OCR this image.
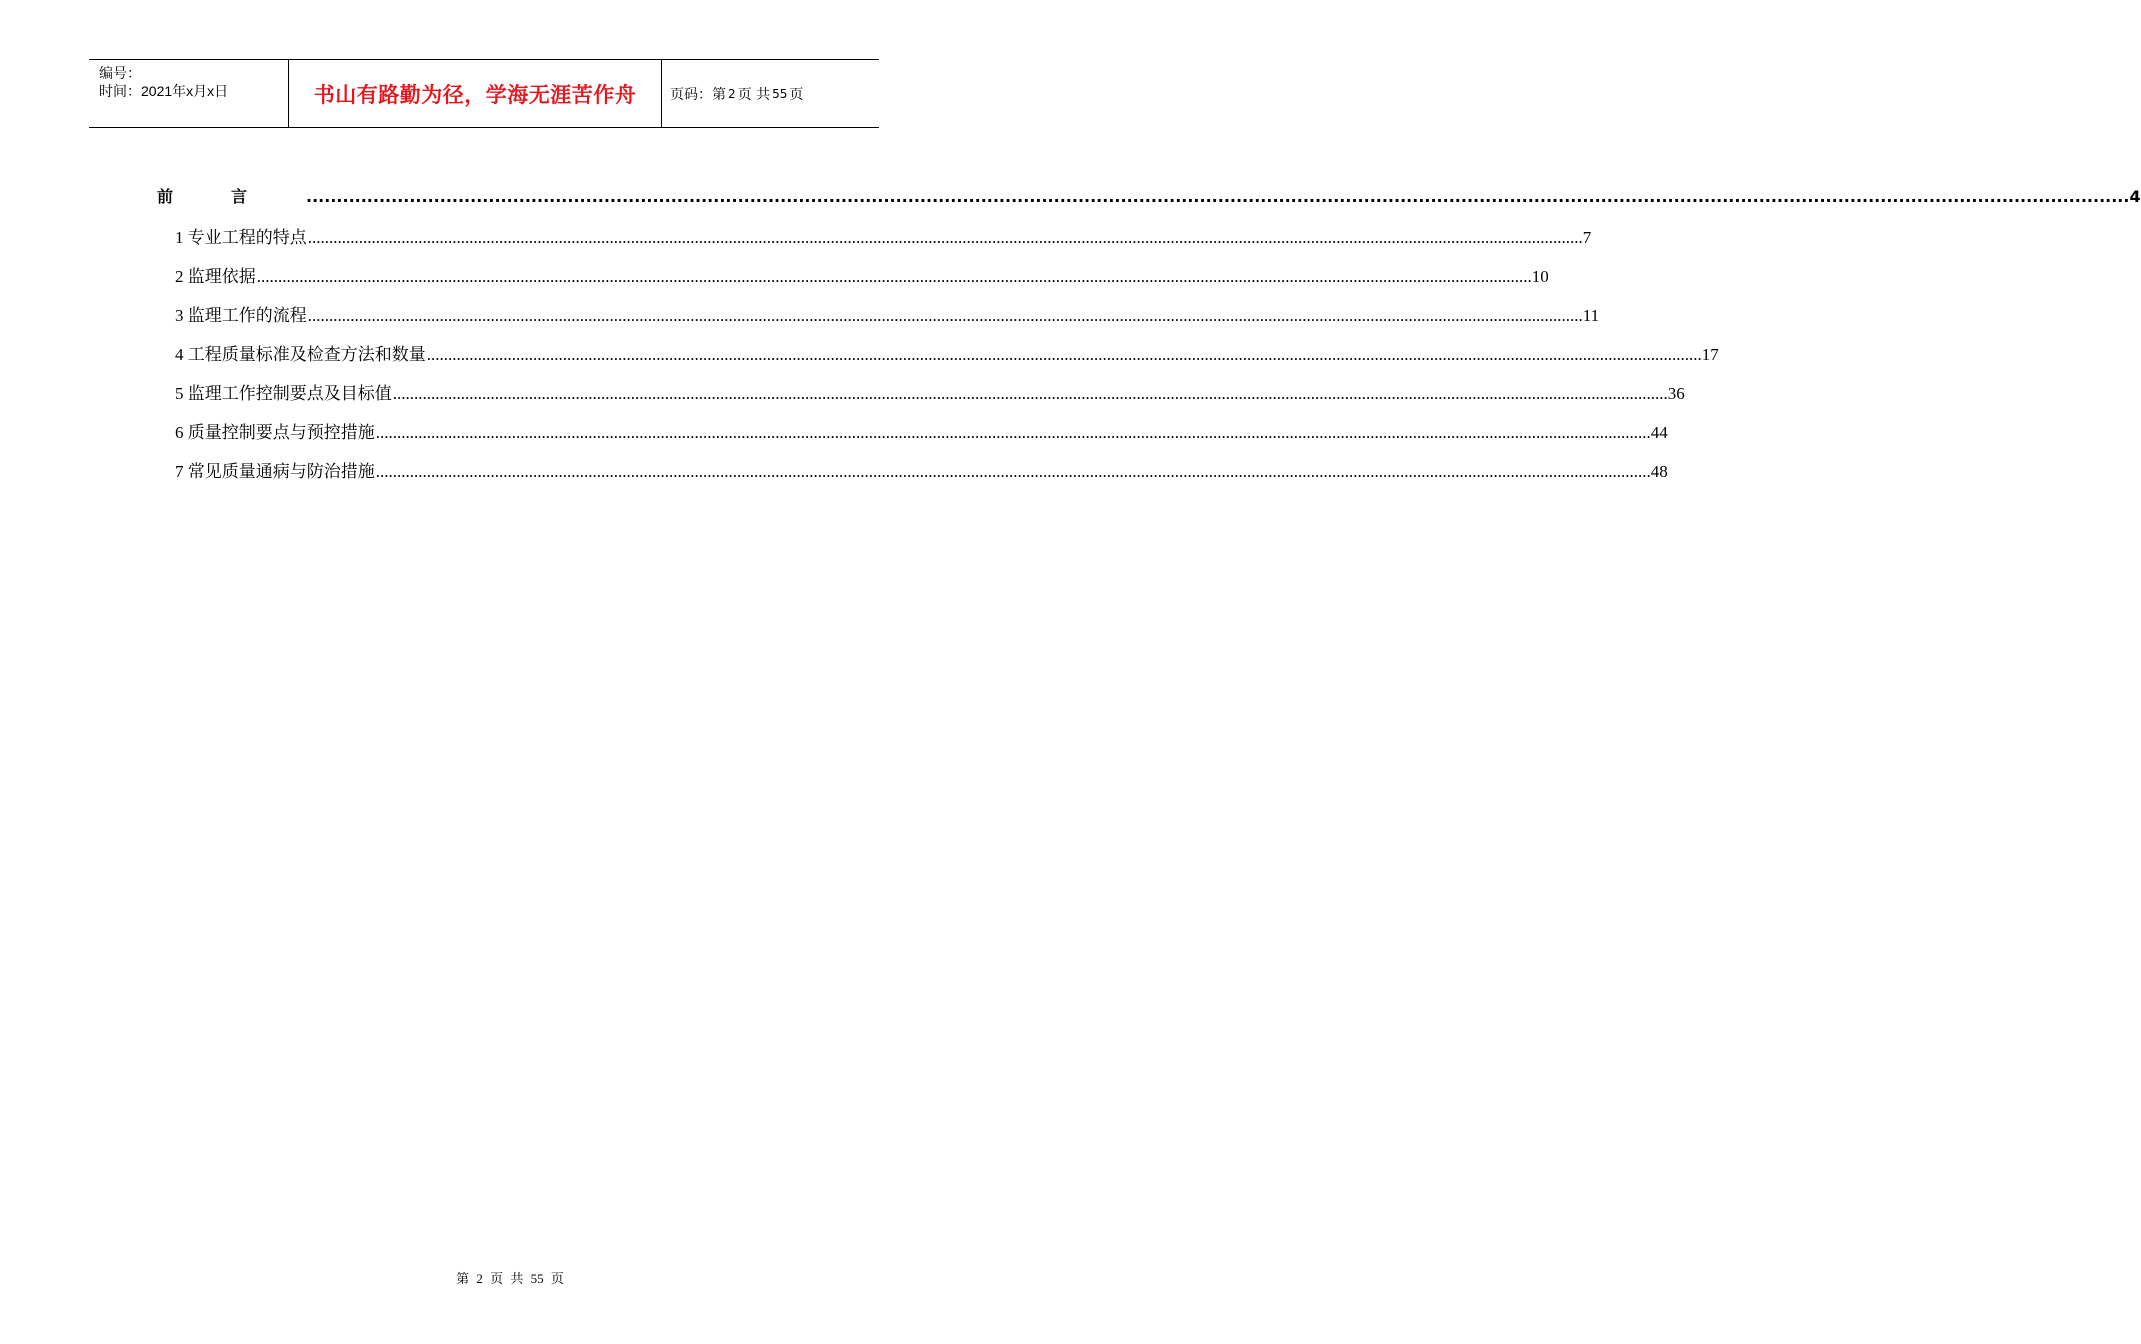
编号：
时间：2021年x月x日	书山有路勤为径，学海无涯苦作舟	页码：第 2 页 共 55 页
前言 ............................................................................................................................................................................................................................................................................................................ 4
1 专业工程的特点 ............................................................................................................................................................................................................................................................................................................ 7
2 监理依据 ............................................................................................................................................................................................................................................................................................................ 10
3 监理工作的流程 ............................................................................................................................................................................................................................................................................................................ 11
4 工程质量标准及检查方法和数量 ............................................................................................................................................................................................................................................................................................................ 17
5 监理工作控制要点及目标值 ............................................................................................................................................................................................................................................................................................................ 36
6 质量控制要点与预控措施 ............................................................................................................................................................................................................................................................................................................ 44
7 常见质量通病与防治措施 ............................................................................................................................................................................................................................................................................................................ 48
第 2 页 共 55 页
